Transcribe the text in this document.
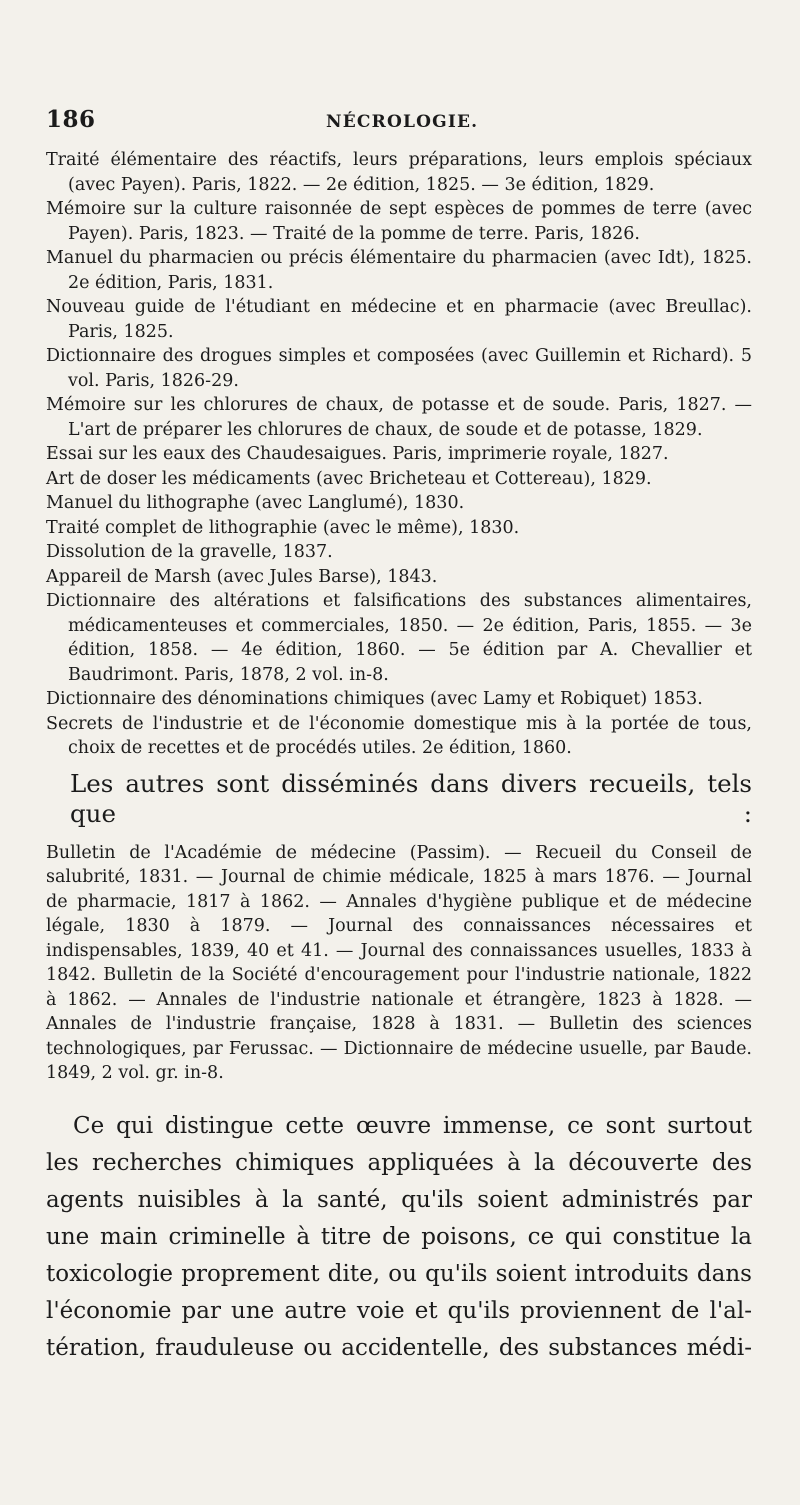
186	NÉCROLOGIE.
Traité élémentaire des réactifs, leurs préparations, leurs emplois spéciaux (avec Payen). Paris, 1822. — 2e édition, 1825. — 3e édition, 1829.
Mémoire sur la culture raisonnée de sept espèces de pommes de terre (avec Payen). Paris, 1823. — Traité de la pomme de terre. Paris, 1826.
Manuel du pharmacien ou précis élémentaire du pharmacien (avec Idt), 1825. 2e édition, Paris, 1831.
Nouveau guide de l'étudiant en médecine et en pharmacie (avec Breullac). Paris, 1825.
Dictionnaire des drogues simples et composées (avec Guillemin et Richard). 5 vol. Paris, 1826-29.
Mémoire sur les chlorures de chaux, de potasse et de soude. Paris, 1827. — L'art de préparer les chlorures de chaux, de soude et de potasse, 1829.
Essai sur les eaux des Chaudesaigues. Paris, imprimerie royale, 1827.
Art de doser les médicaments (avec Bricheteau et Cottereau), 1829.
Manuel du lithographe (avec Langlumé), 1830.
Traité complet de lithographie (avec le même), 1830.
Dissolution de la gravelle, 1837.
Appareil de Marsh (avec Jules Barse), 1843.
Dictionnaire des altérations et falsifications des substances alimentaires, médicamenteuses et commerciales, 1850. — 2e édition, Paris, 1855. — 3e édition, 1858. — 4e édition, 1860. — 5e édition par A. Chevallier et Baudrimont. Paris, 1878, 2 vol. in-8.
Dictionnaire des dénominations chimiques (avec Lamy et Robiquet) 1853.
Secrets de l'industrie et de l'économie domestique mis à la portée de tous, choix de recettes et de procédés utiles. 2e édition, 1860.

Les autres sont disséminés dans divers recueils, tels que :

Bulletin de l'Académie de médecine (Passim). — Recueil du Conseil de salubrité, 1831. — Journal de chimie médicale, 1825 à mars 1876. — Journal de pharmacie, 1817 à 1862. — Annales d'hygiène publique et de médecine légale, 1830 à 1879. — Journal des connaissances nécessaires et indispensables, 1839, 40 et 41. — Journal des connaissances usuelles, 1833 à 1842. Bulletin de la Société d'encouragement pour l'industrie nationale, 1822 à 1862. — Annales de l'industrie nationale et étrangère, 1823 à 1828. — Annales de l'industrie française, 1828 à 1831. — Bulletin des sciences technologiques, par Ferussac. — Dictionnaire de médecine usuelle, par Baude. 1849, 2 vol. gr. in-8.

Ce qui distingue cette œuvre immense, ce sont surtout
les recherches chimiques appliquées à la découverte des
agents nuisibles à la santé, qu'ils soient administrés par
une main criminelle à titre de poisons, ce qui constitue la
toxicologie proprement dite, ou qu'ils soient introduits dans
l'économie par une autre voie et qu'ils proviennent de l'al-
tération, frauduleuse ou accidentelle, des substances médi-
